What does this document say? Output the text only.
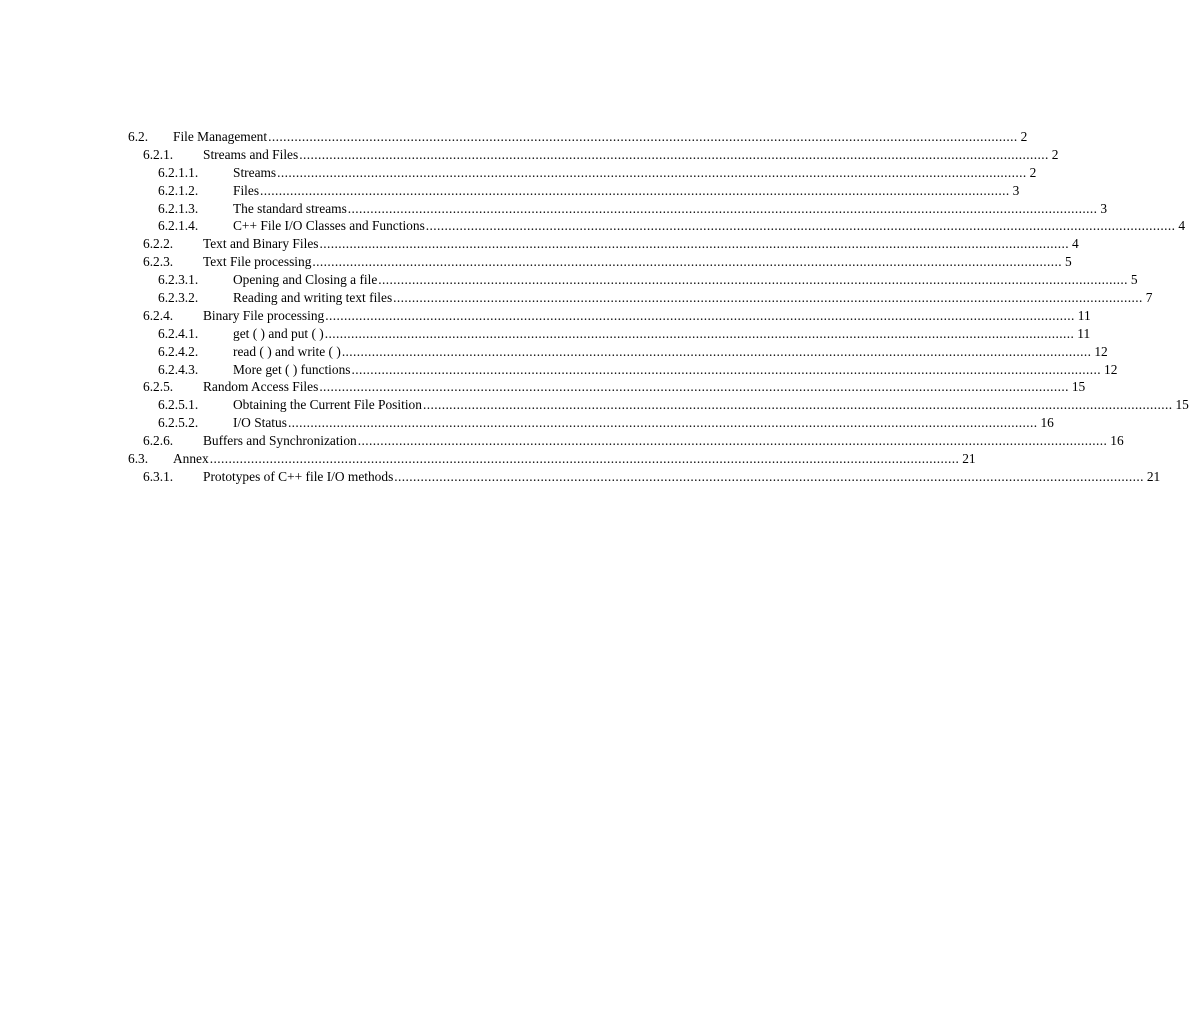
6.2. File Management ........................................................................................................................................................................................................ 2
6.2.1. Streams and Files ........................................................................................................................................................................................................ 2
6.2.1.1.	Streams ........................................................................................................................................................................................................ 2
6.2.1.2.	Files ........................................................................................................................................................................................................ 3
6.2.1.3.	The standard streams ........................................................................................................................................................................................................ 3
6.2.1.4.	C++ File I/O Classes and Functions ........................................................................................................................................................................................................ 4
6.2.2. Text and Binary Files ........................................................................................................................................................................................................ 4
6.2.3. Text File processing ........................................................................................................................................................................................................ 5
6.2.3.1.	Opening and Closing a file ........................................................................................................................................................................................................ 5
6.2.3.2.	Reading and writing text files ........................................................................................................................................................................................................ 7
6.2.4. Binary File processing ........................................................................................................................................................................................................ 11
6.2.4.1.	get ( ) and put ( ) ........................................................................................................................................................................................................ 11
6.2.4.2.	read ( ) and write ( ) ........................................................................................................................................................................................................ 12
6.2.4.3.	More get ( ) functions ........................................................................................................................................................................................................ 12
6.2.5. Random Access Files ........................................................................................................................................................................................................ 15
6.2.5.1.	Obtaining the Current File Position ........................................................................................................................................................................................................ 15
6.2.5.2.	I/O Status ........................................................................................................................................................................................................ 16
6.2.6. Buffers and Synchronization ........................................................................................................................................................................................................ 16
6.3. Annex ........................................................................................................................................................................................................ 21
6.3.1. Prototypes of C++ file I/O methods ........................................................................................................................................................................................................ 21
